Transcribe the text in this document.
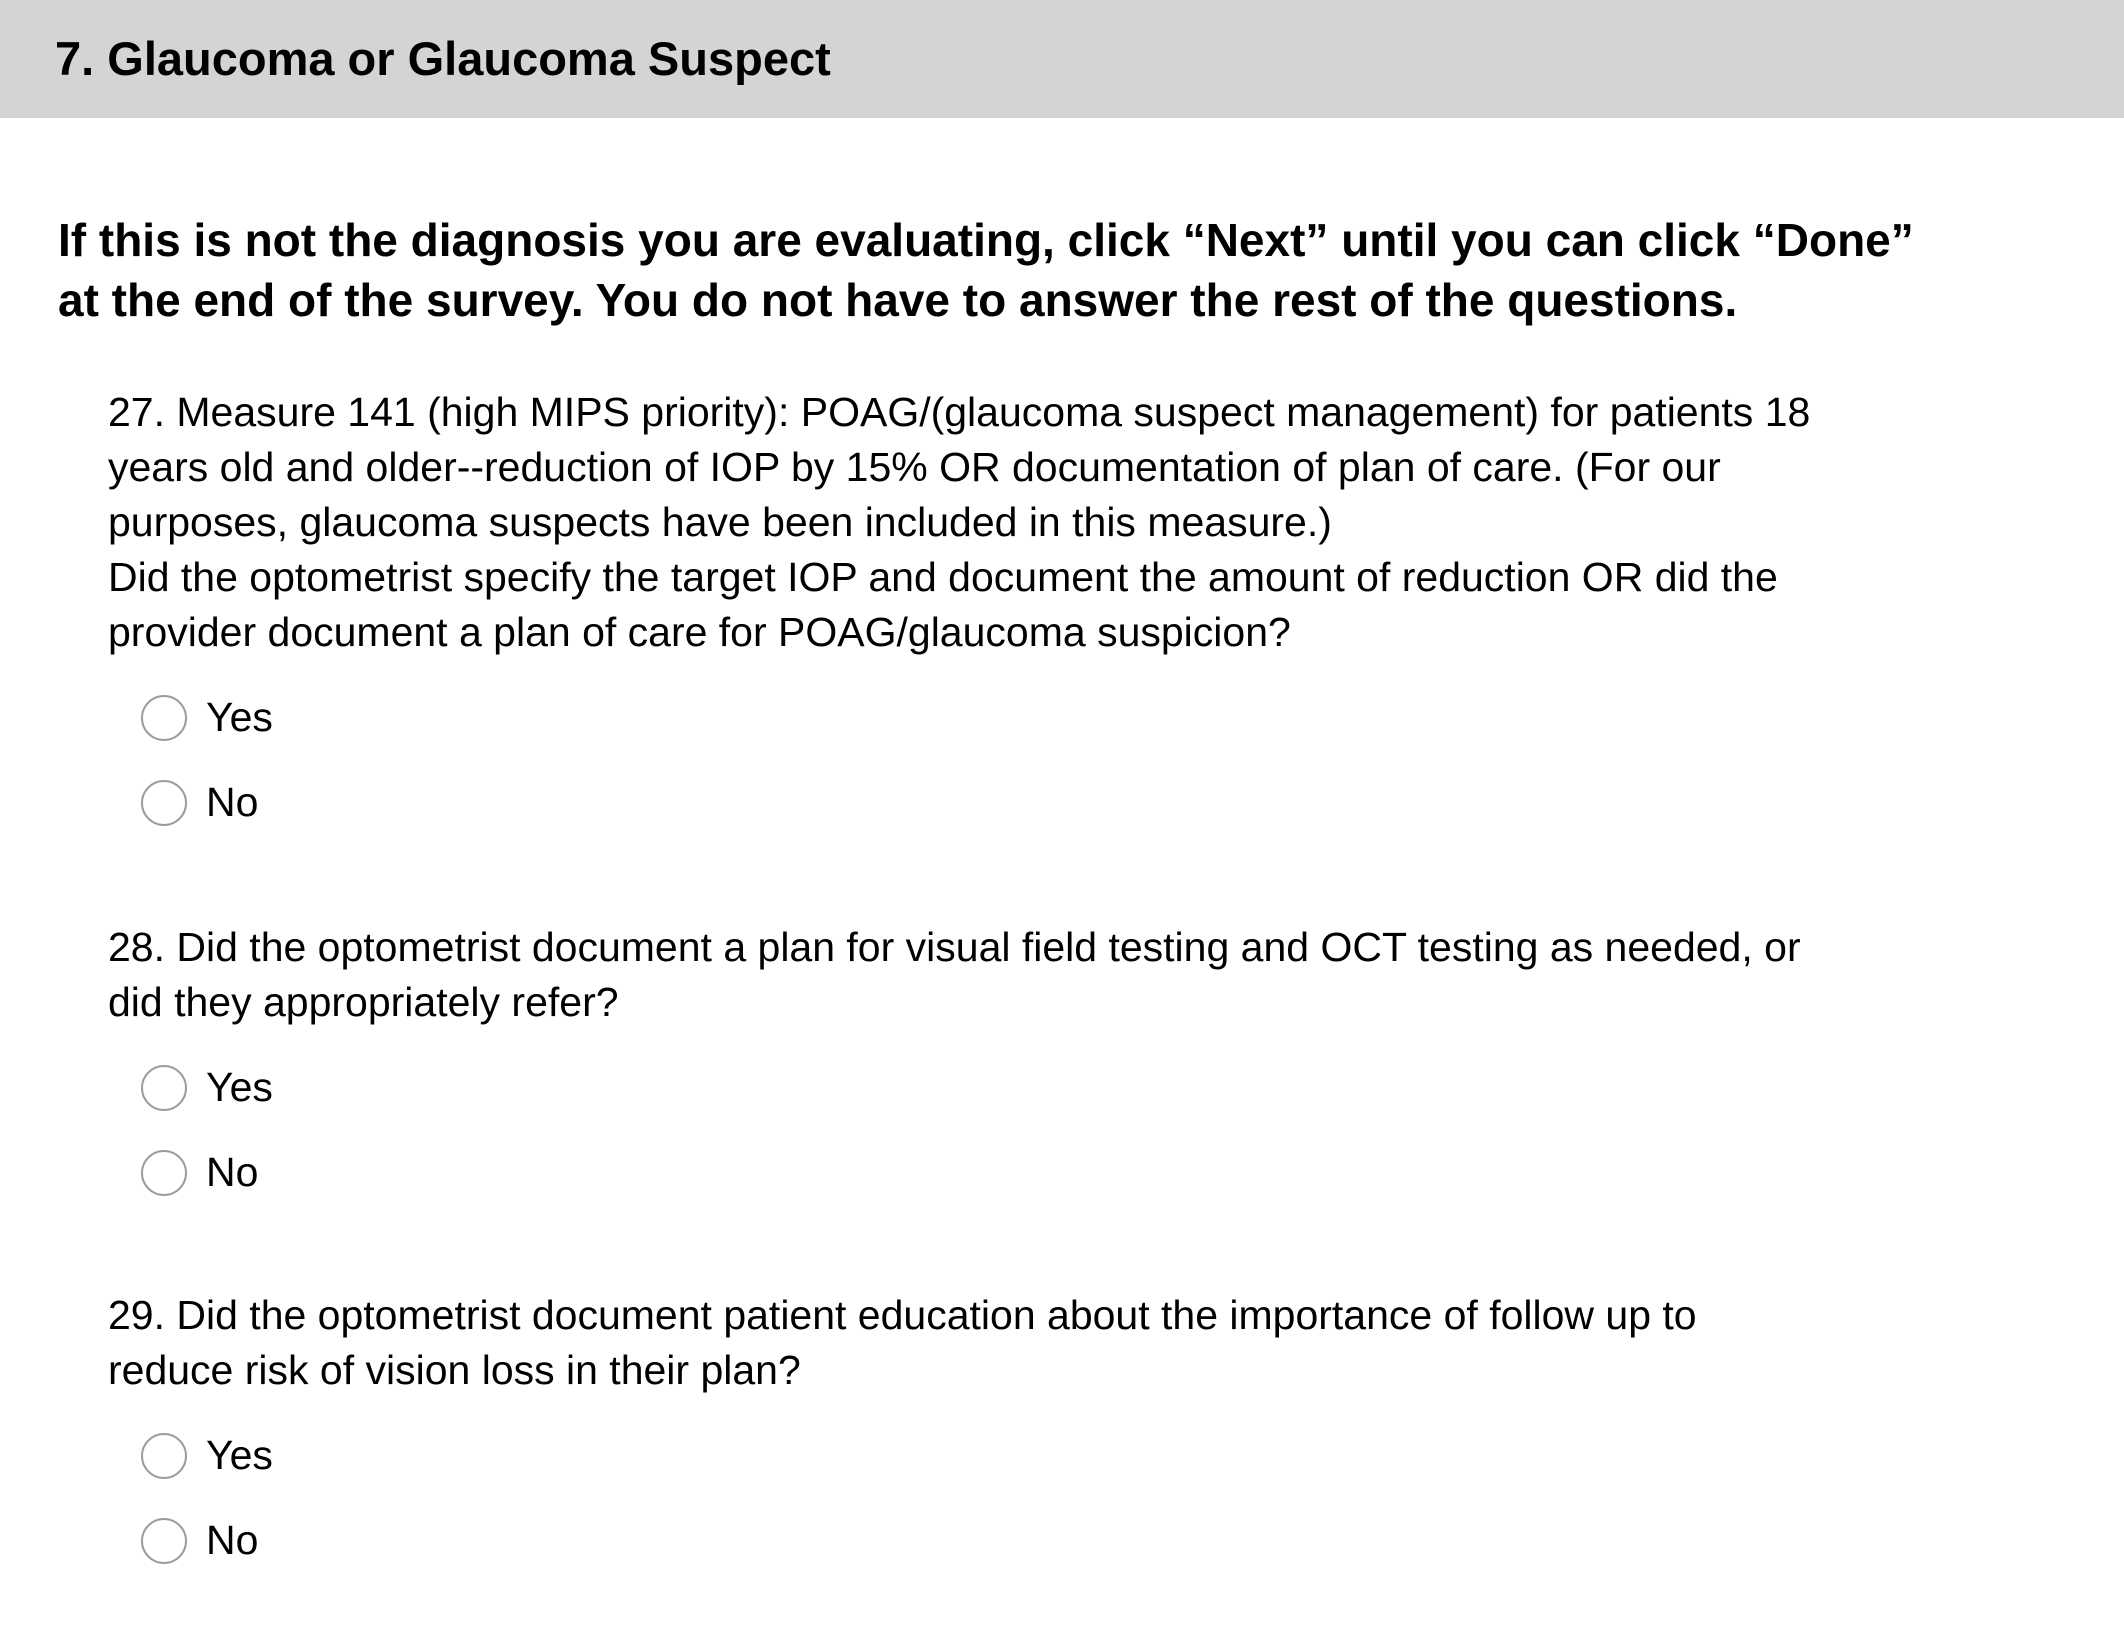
7. Glaucoma or Glaucoma Suspect

If this is not the diagnosis you are evaluating, click “Next” until you can click “Done”
at the end of the survey. You do not have to answer the rest of the questions.

27. Measure 141 (high MIPS priority): POAG/(glaucoma suspect management) for patients 18
years old and older--reduction of IOP by 15% OR documentation of plan of care. (For our
purposes, glaucoma suspects have been included in this measure.)
Did the optometrist specify the target IOP and document the amount of reduction OR did the
provider document a plan of care for POAG/glaucoma suspicion?

Yes
No

28. Did the optometrist document a plan for visual field testing and OCT testing as needed, or
did they appropriately refer?

Yes
No

29. Did the optometrist document patient education about the importance of follow up to
reduce risk of vision loss in their plan?

Yes
No
